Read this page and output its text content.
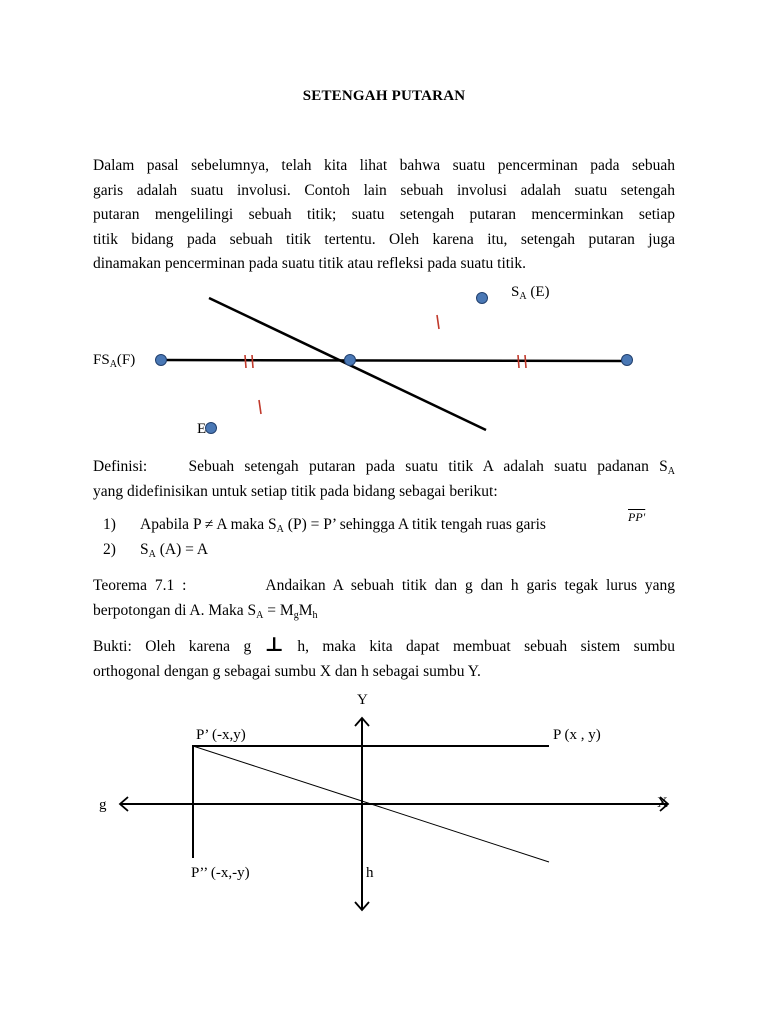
SETENGAH PUTARAN
Dalam pasal sebelumnya, telah kita lihat bahwa suatu pencerminan pada sebuah
garis adalah suatu involusi. Contoh lain sebuah involusi adalah suatu setengah
putaran mengelilingi sebuah titik; suatu setengah putaran mencerminkan setiap
titik bidang pada sebuah titik tertentu. Oleh karena itu, setengah putaran juga
dinamakan pencerminan pada suatu titik atau refleksi pada suatu titik.
$S_A$ (E)
$FS_A(F)$
E
Definisi:	Sebuah setengah putaran pada suatu titik A adalah suatu padanan $S_A$
yang didefinisikan untuk setiap titik pada bidang sebagai berikut:
1) Apabila P ≠ A maka $S_A$ (P) = P’ sehingga A titik tengah ruas garis	PP'
2) $S_A$ (A) = A
Teorema 7.1 :	Andaikan A sebuah titik dan g dan h garis tegak lurus yang
berpotongan di A. Maka $S_A = M_gM_h$
Bukti: Oleh karena g ⊥ h, maka kita dapat membuat sebuah sistem sumbu
orthogonal dengan g sebagai sumbu X dan h sebagai sumbu Y.
Y
X
g
h
P’ (-x,y)	P (x , y)
P’’ (-x,-y)
